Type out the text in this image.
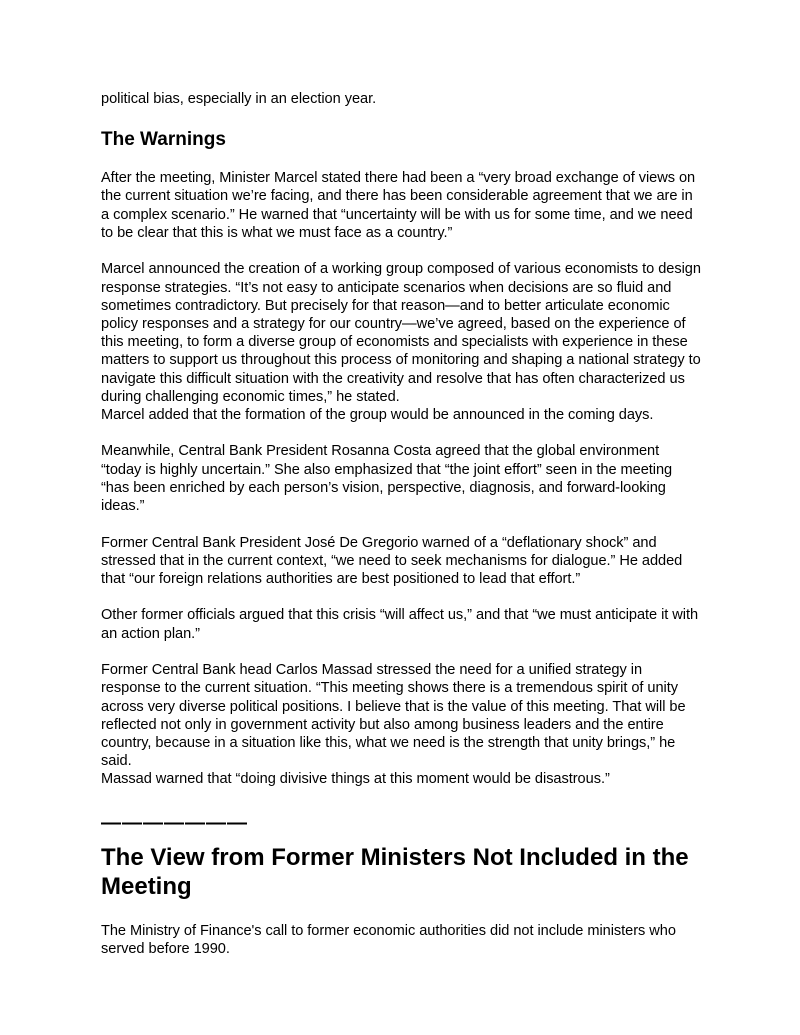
political bias, especially in an election year.

The Warnings

After the meeting, Minister Marcel stated there had been a “very broad exchange of views on the current situation we’re facing, and there has been considerable agreement that we are in a complex scenario.” He warned that “uncertainty will be with us for some time, and we need to be clear that this is what we must face as a country.”

Marcel announced the creation of a working group composed of various economists to design response strategies. “It’s not easy to anticipate scenarios when decisions are so fluid and sometimes contradictory. But precisely for that reason—and to better articulate economic policy responses and a strategy for our country—we’ve agreed, based on the experience of this meeting, to form a diverse group of economists and specialists with experience in these matters to support us throughout this process of monitoring and shaping a national strategy to navigate this difficult situation with the creativity and resolve that has often characterized us during challenging economic times,” he stated.

Marcel added that the formation of the group would be announced in the coming days.

Meanwhile, Central Bank President Rosanna Costa agreed that the global environment “today is highly uncertain.” She also emphasized that “the joint effort” seen in the meeting “has been enriched by each person’s vision, perspective, diagnosis, and forward-looking ideas.”

Former Central Bank President José De Gregorio warned of a “deflationary shock” and stressed that in the current context, “we need to seek mechanisms for dialogue.” He added that “our foreign relations authorities are best positioned to lead that effort.”

Other former officials argued that this crisis “will affect us,” and that “we must anticipate it with an action plan.”

Former Central Bank head Carlos Massad stressed the need for a unified strategy in response to the current situation. “This meeting shows there is a tremendous spirit of unity across very diverse political positions. I believe that is the value of this meeting. That will be reflected not only in government activity but also among business leaders and the entire country, because in a situation like this, what we need is the strength that unity brings,” he said.

Massad warned that “doing divisive things at this moment would be disastrous.”

———————
The View from Former Ministers Not Included in the Meeting

The Ministry of Finance's call to former economic authorities did not include ministers who served before 1990.
